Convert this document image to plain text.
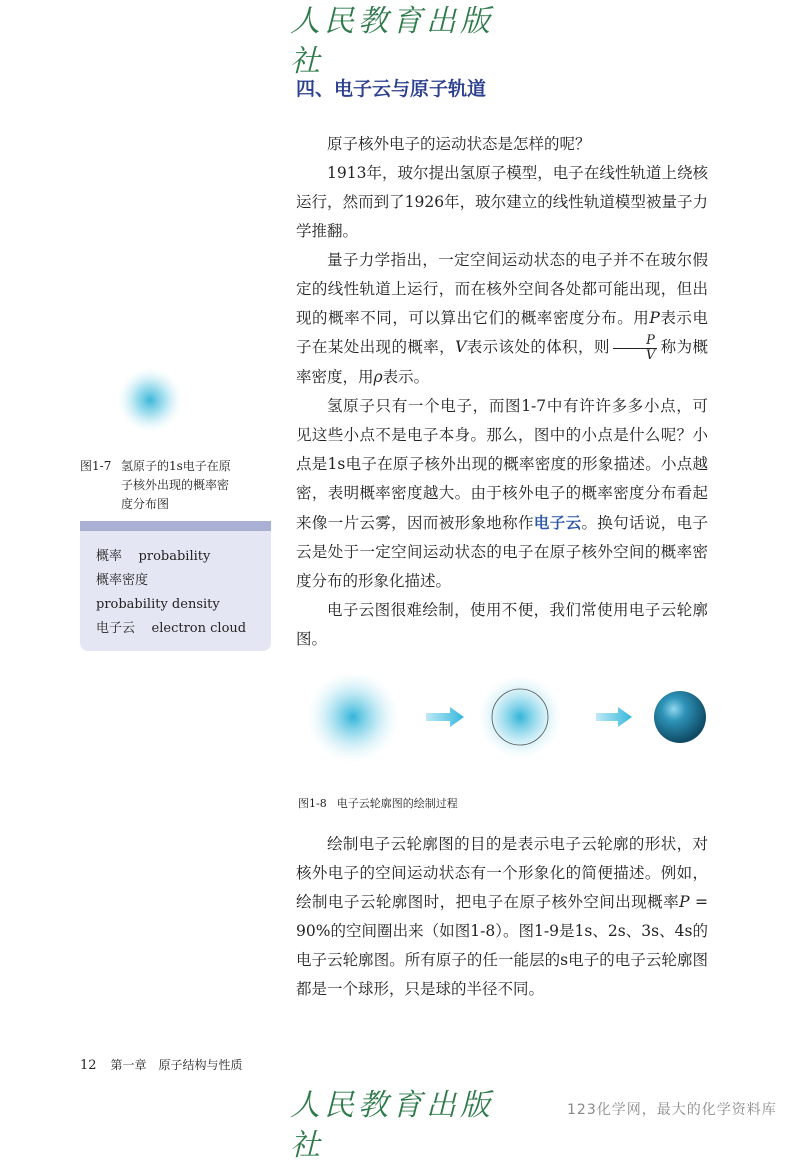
人民教育出版社
四、电子云与原子轨道

原子核外电子的运动状态是怎样的呢？

1913年，玻尔提出氢原子模型，电子在线性轨道上绕核运行，然而到了1926年，玻尔建立的线性轨道模型被量子力学推翻。

量子力学指出，一定空间运动状态的电子并不在玻尔假定的线性轨道上运行，而在核外空间各处都可能出现，但出现的概率不同，可以算出它们的概率密度分布。用P表示电子在某处出现的概率，V表示该处的体积，则 $\frac{P}{V}$ 称为概率密度，用ρ表示。

氢原子只有一个电子，而图1-7中有许许多多小点，可见这些小点不是电子本身。那么，图中的小点是什么呢？小点是1s电子在原子核外出现的概率密度的形象描述。小点越密，表明概率密度越大。由于核外电子的概率密度分布看起来像一片云雾，因而被形象地称作电子云。换句话说，电子云是处于一定空间运动状态的电子在原子核外空间的概率密度分布的形象化描述。

电子云图很难绘制，使用不便，我们常使用电子云轮廓图。

图1-7 氢原子的1s电子在原子核外出现的概率密度分布图
概率 probability
概率密度
probability density
电子云 electron cloud
图1-8 电子云轮廓图的绘制过程

绘制电子云轮廓图的目的是表示电子云轮廓的形状，对核外电子的空间运动状态有一个形象化的简便描述。例如，绘制电子云轮廓图时，把电子在原子核外空间出现概率P = 90%的空间圈出来（如图1-8）。图1-9是1s、2s、3s、4s的电子云轮廓图。所有原子的任一能层的s电子的电子云轮廓图都是一个球形，只是球的半径不同。

12 第一章　原子结构与性质
人民教育出版社
123化学网，最大的化学资料库
